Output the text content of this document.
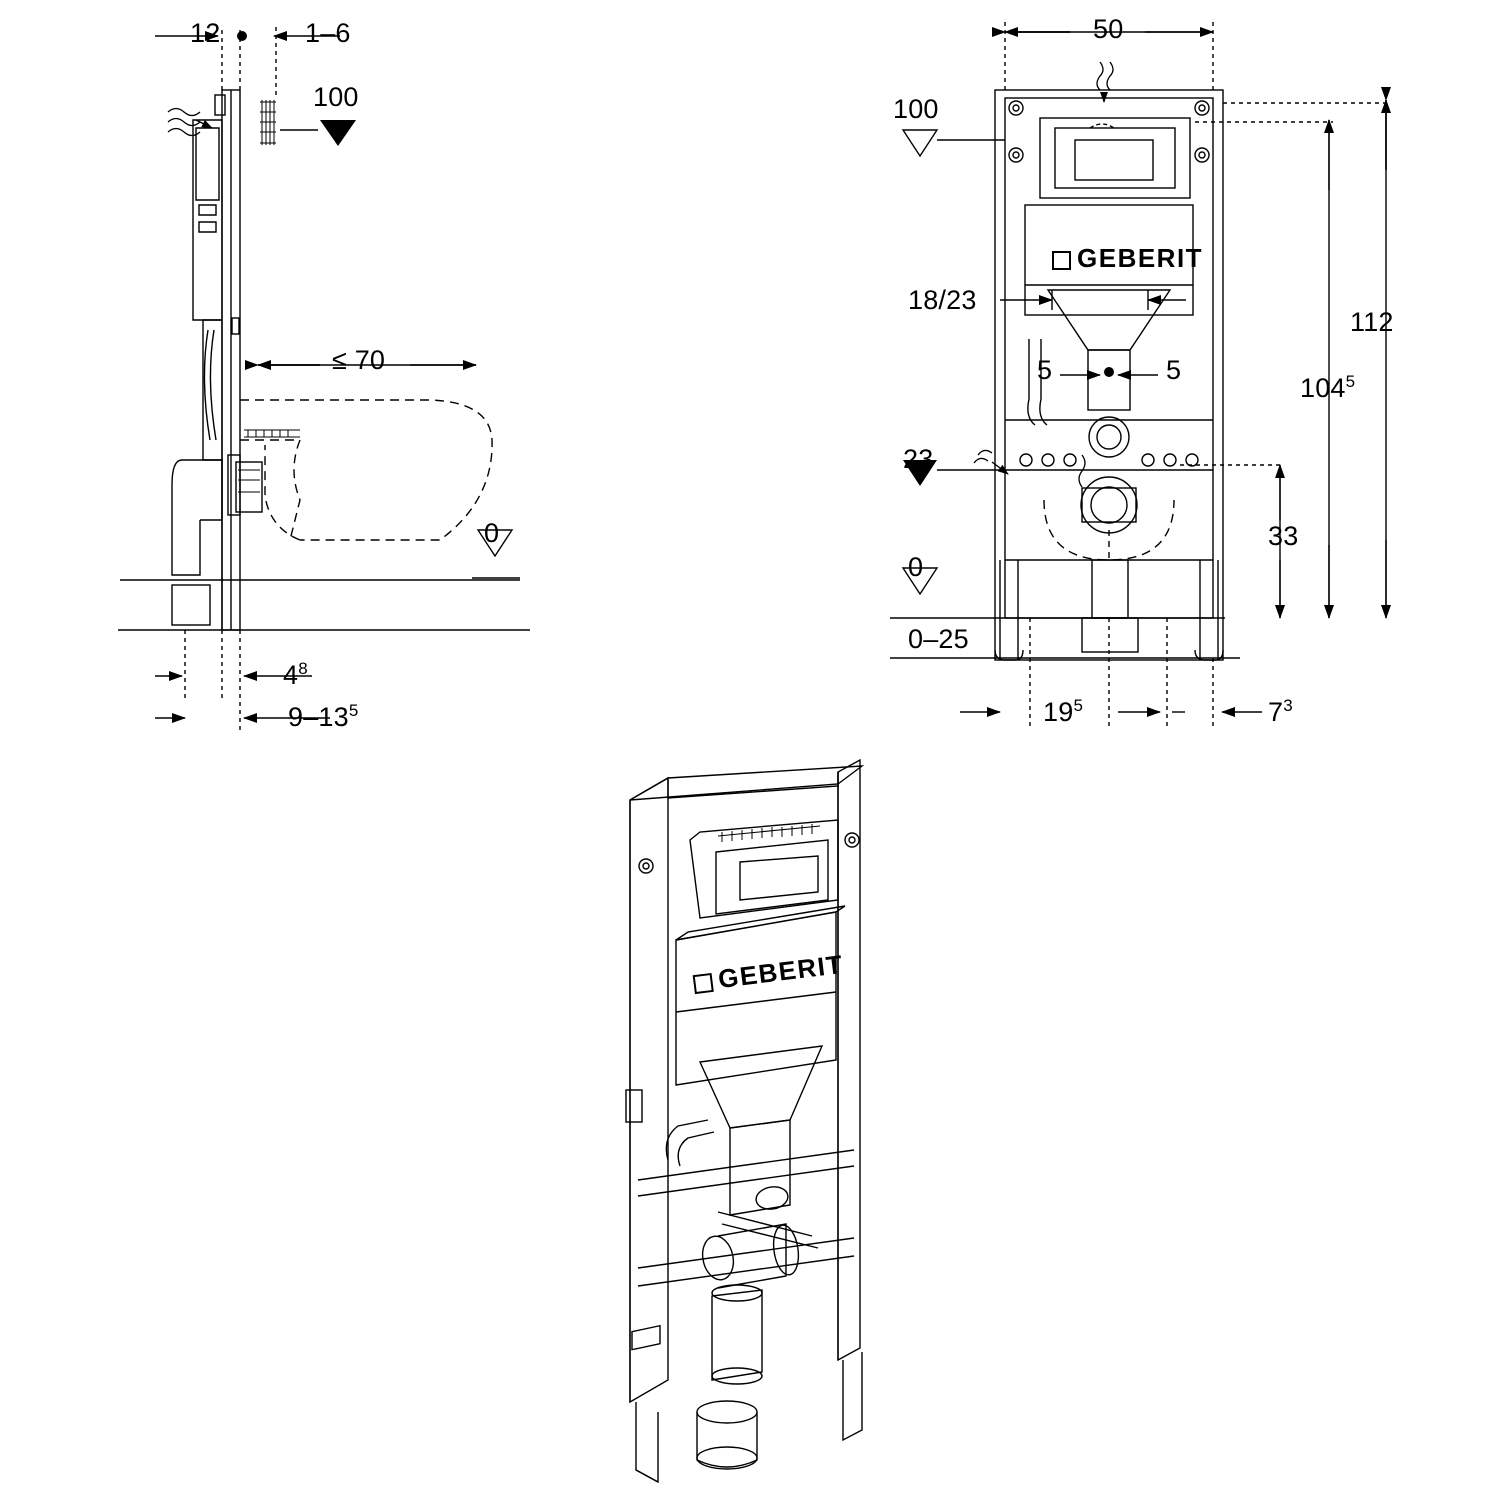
12	1–6
100
≤ 70
0
$4^8$
$9-13^5$
50
100
18/23
5	5
112
$104^5$
23
33
0
0–25
$19^5$	$7^3$
GEBERIT
GEBERIT
